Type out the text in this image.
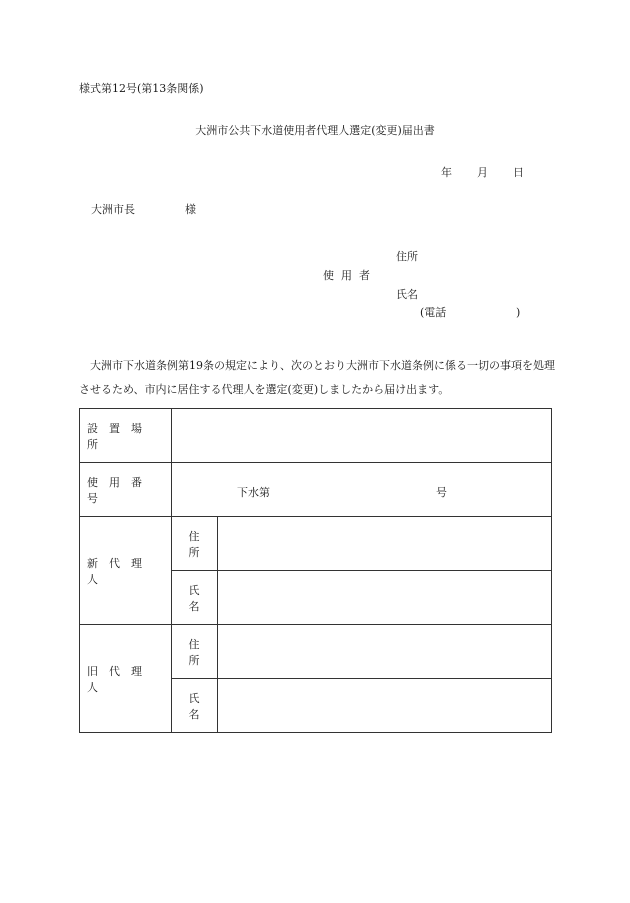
様式第12号(第13条関係)
大洲市公共下水道使用者代理人選定(変更)届出書
年 月 日
大洲市長	様
住所
使用者
氏名
(電話	)
大洲市下水道条例第19条の規定により、次のとおり大洲市下水道条例に係る一切の事項を処理させるため、市内に居住する代理人を選定(変更)しましたから届け出ます。
設置場所		

使用番号	下水第 号	

新代理人	住所	

	氏名	

旧代理人	住所	

	氏名	
